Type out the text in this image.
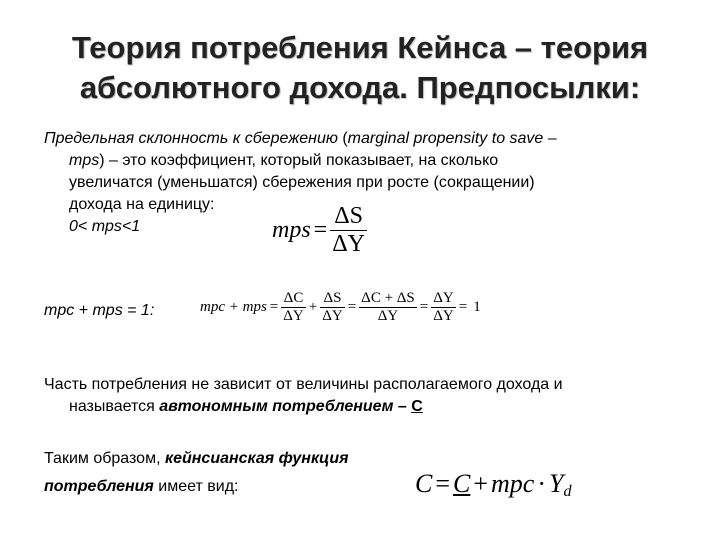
Теория потребления Кейнса – теория
абсолютного дохода. Предпосылки:
Предельная склонность к сбережению (marginal propensity to save –
mps) – это коэффициент, который показывает, на сколько
увеличатся (уменьшатся) сбережения при росте (сокращении)
дохода на единицу:
0< mps<1	mps = $\frac{\Delta S}{\Delta Y}$
mpc + mps = 1:	mpc + mps = $\frac{\Delta C}{\Delta Y} + \frac{\Delta S}{\Delta Y} = \frac{\Delta C + \Delta S}{\Delta Y} = \frac{\Delta Y}{\Delta Y} = 1$
Часть потребления не зависит от величины располагаемого дохода и
называется автономным потреблением – С
Таким образом, кейнсианская функция
потребления имеет вид:	C = C + mpc · $Y_d$
